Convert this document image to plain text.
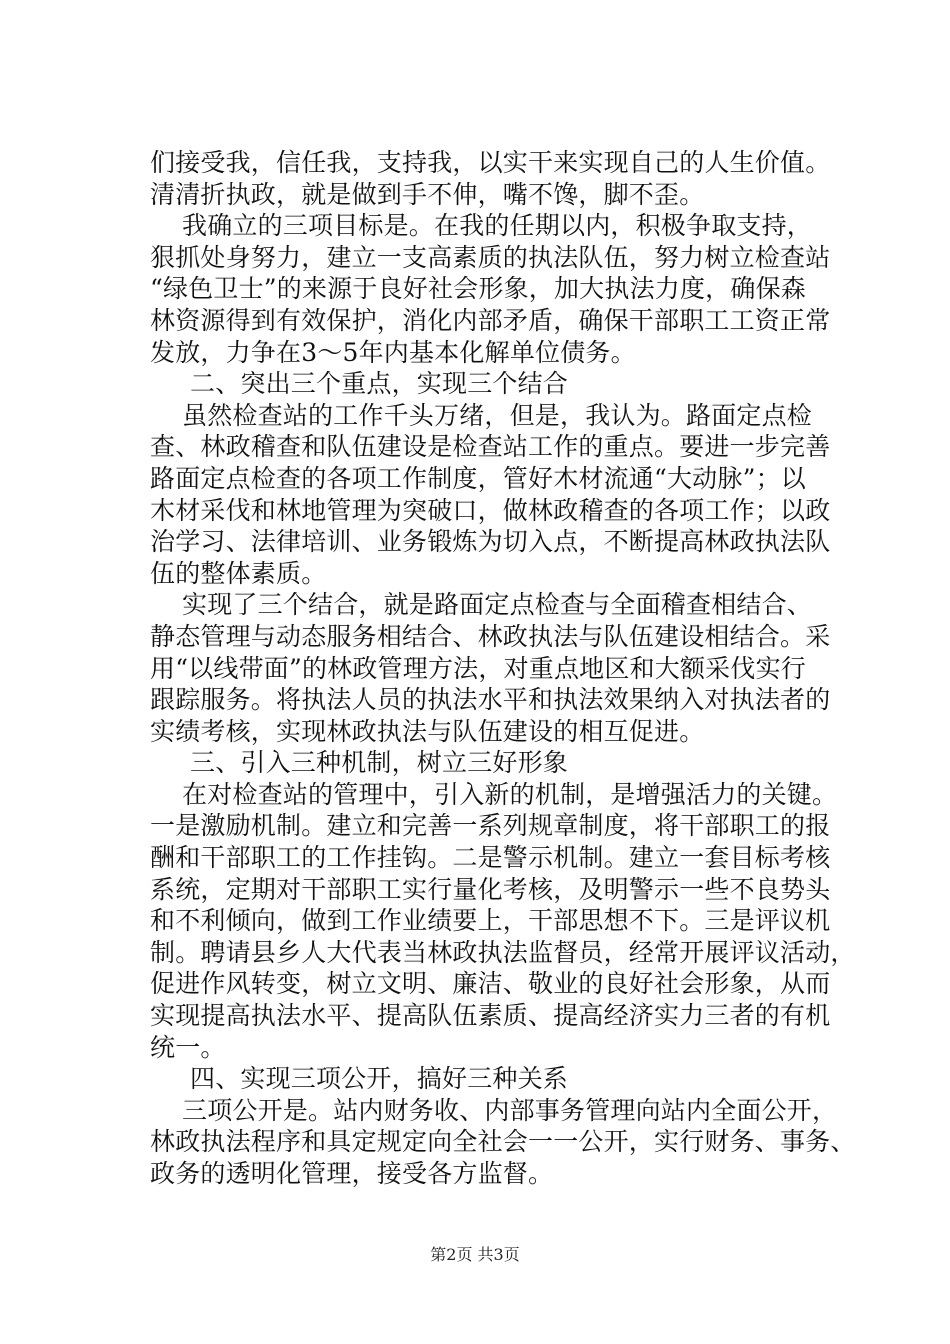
们接受我，信任我，支持我，以实干来实现自己的人生价值。
清清折执政，就是做到手不伸，嘴不馋，脚不歪。
我确立的三项目标是。在我的任期以内，积极争取支持，
狠抓处身努力，建立一支高素质的执法队伍，努力树立检查站
“绿色卫士”的来源于良好社会形象，加大执法力度，确保森
林资源得到有效保护，消化内部矛盾，确保干部职工工资正常
发放，力争在3～5年内基本化解单位债务。
二、突出三个重点，实现三个结合
虽然检查站的工作千头万绪，但是，我认为。路面定点检
查、林政稽查和队伍建设是检查站工作的重点。要进一步完善
路面定点检查的各项工作制度，管好木材流通“大动脉”；以
木材采伐和林地管理为突破口，做林政稽查的各项工作；以政
治学习、法律培训、业务锻炼为切入点，不断提高林政执法队
伍的整体素质。
实现了三个结合，就是路面定点检查与全面稽查相结合、
静态管理与动态服务相结合、林政执法与队伍建设相结合。采
用“以线带面”的林政管理方法，对重点地区和大额采伐实行
跟踪服务。将执法人员的执法水平和执法效果纳入对执法者的
实绩考核，实现林政执法与队伍建设的相互促进。
三、引入三种机制，树立三好形象
在对检查站的管理中，引入新的机制，是增强活力的关键。
一是激励机制。建立和完善一系列规章制度，将干部职工的报
酬和干部职工的工作挂钩。二是警示机制。建立一套目标考核
系统，定期对干部职工实行量化考核，及明警示一些不良势头
和不利倾向，做到工作业绩要上，干部思想不下。三是评议机
制。聘请县乡人大代表当林政执法监督员，经常开展评议活动，
促进作风转变，树立文明、廉洁、敬业的良好社会形象，从而
实现提高执法水平、提高队伍素质、提高经济实力三者的有机
统一。
四、实现三项公开，搞好三种关系
三项公开是。站内财务收、内部事务管理向站内全面公开，
林政执法程序和具定规定向全社会一一公开，实行财务、事务、
政务的透明化管理，接受各方监督。
第2页 共3页
